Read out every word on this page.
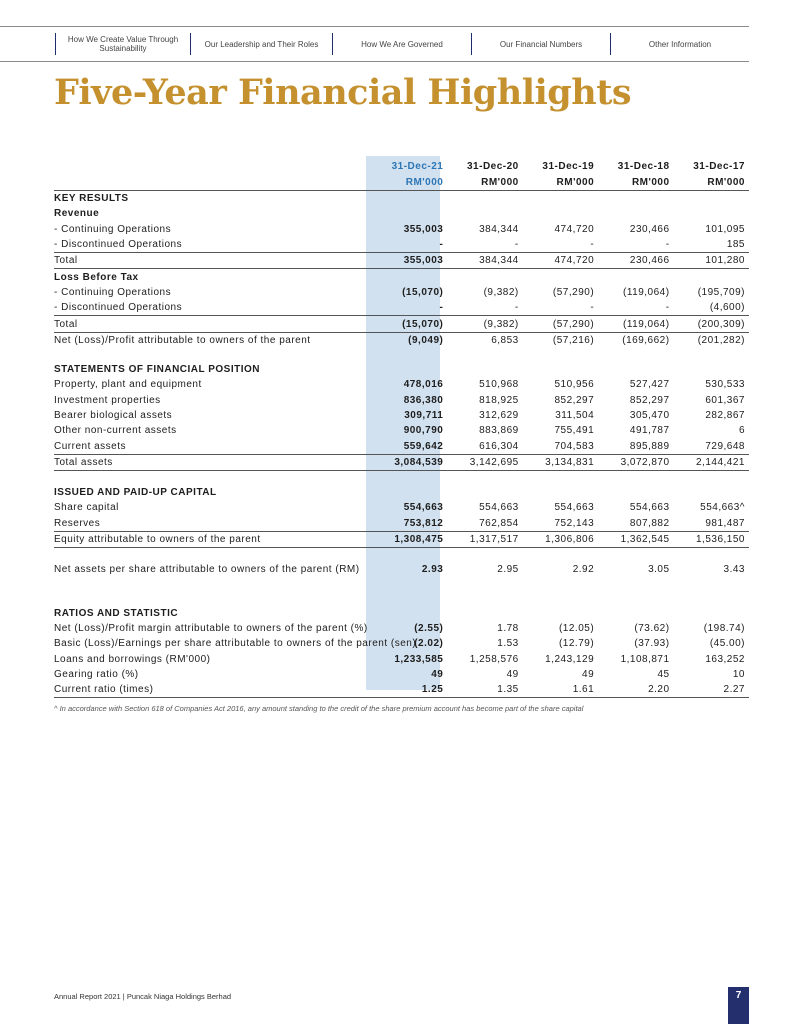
How We Create Value Through Sustainability	Our Leadership and Their Roles	How We Are Governed	Our Financial Numbers	Other Information
Five-Year Financial Highlights
	31-Dec-21	31-Dec-20	31-Dec-19	31-Dec-18	31-Dec-17
	RM'000	RM'000	RM'000	RM'000	RM'000
KEY RESULTS					
Revenue					
- Continuing Operations	355,003	384,344	474,720	230,466	101,095
- Discontinued Operations	-	-	-	-	185
Total	355,003	384,344	474,720	230,466	101,280
Loss Before Tax					
- Continuing Operations	(15,070)	(9,382)	(57,290)	(119,064)	(195,709)
- Discontinued Operations	-	-	-	-	(4,600)
Total	(15,070)	(9,382)	(57,290)	(119,064)	(200,309)
Net (Loss)/Profit attributable to owners of the parent	(9,049)	6,853	(57,216)	(169,662)	(201,282)

STATEMENTS OF FINANCIAL POSITION					
Property, plant and equipment	478,016	510,968	510,956	527,427	530,533
Investment properties	836,380	818,925	852,297	852,297	601,367
Bearer biological assets	309,711	312,629	311,504	305,470	282,867
Other non-current assets	900,790	883,869	755,491	491,787	6
Current assets	559,642	616,304	704,583	895,889	729,648
Total assets	3,084,539	3,142,695	3,134,831	3,072,870	2,144,421

ISSUED AND PAID-UP CAPITAL					
Share capital	554,663	554,663	554,663	554,663	554,663^
Reserves	753,812	762,854	752,143	807,882	981,487
Equity attributable to owners of the parent	1,308,475	1,317,517	1,306,806	1,362,545	1,536,150

Net assets per share attributable to owners of the parent (RM)	2.93	2.95	2.92	3.05	3.43

RATIOS AND STATISTIC					
Net (Loss)/Profit margin attributable to owners of the parent (%)	(2.55)	1.78	(12.05)	(73.62)	(198.74)
Basic (Loss)/Earnings per share attributable to owners of the parent (sen)	(2.02)	1.53	(12.79)	(37.93)	(45.00)
Loans and borrowings (RM'000)	1,233,585	1,258,576	1,243,129	1,108,871	163,252
Gearing ratio (%)	49	49	49	45	10
Current ratio (times)	1.25	1.35	1.61	2.20	2.27
^ In accordance with Section 618 of Companies Act 2016, any amount standing to the credit of the share premium account has become part of the share capital
Annual Report 2021 | Puncak Niaga Holdings Berhad	7
